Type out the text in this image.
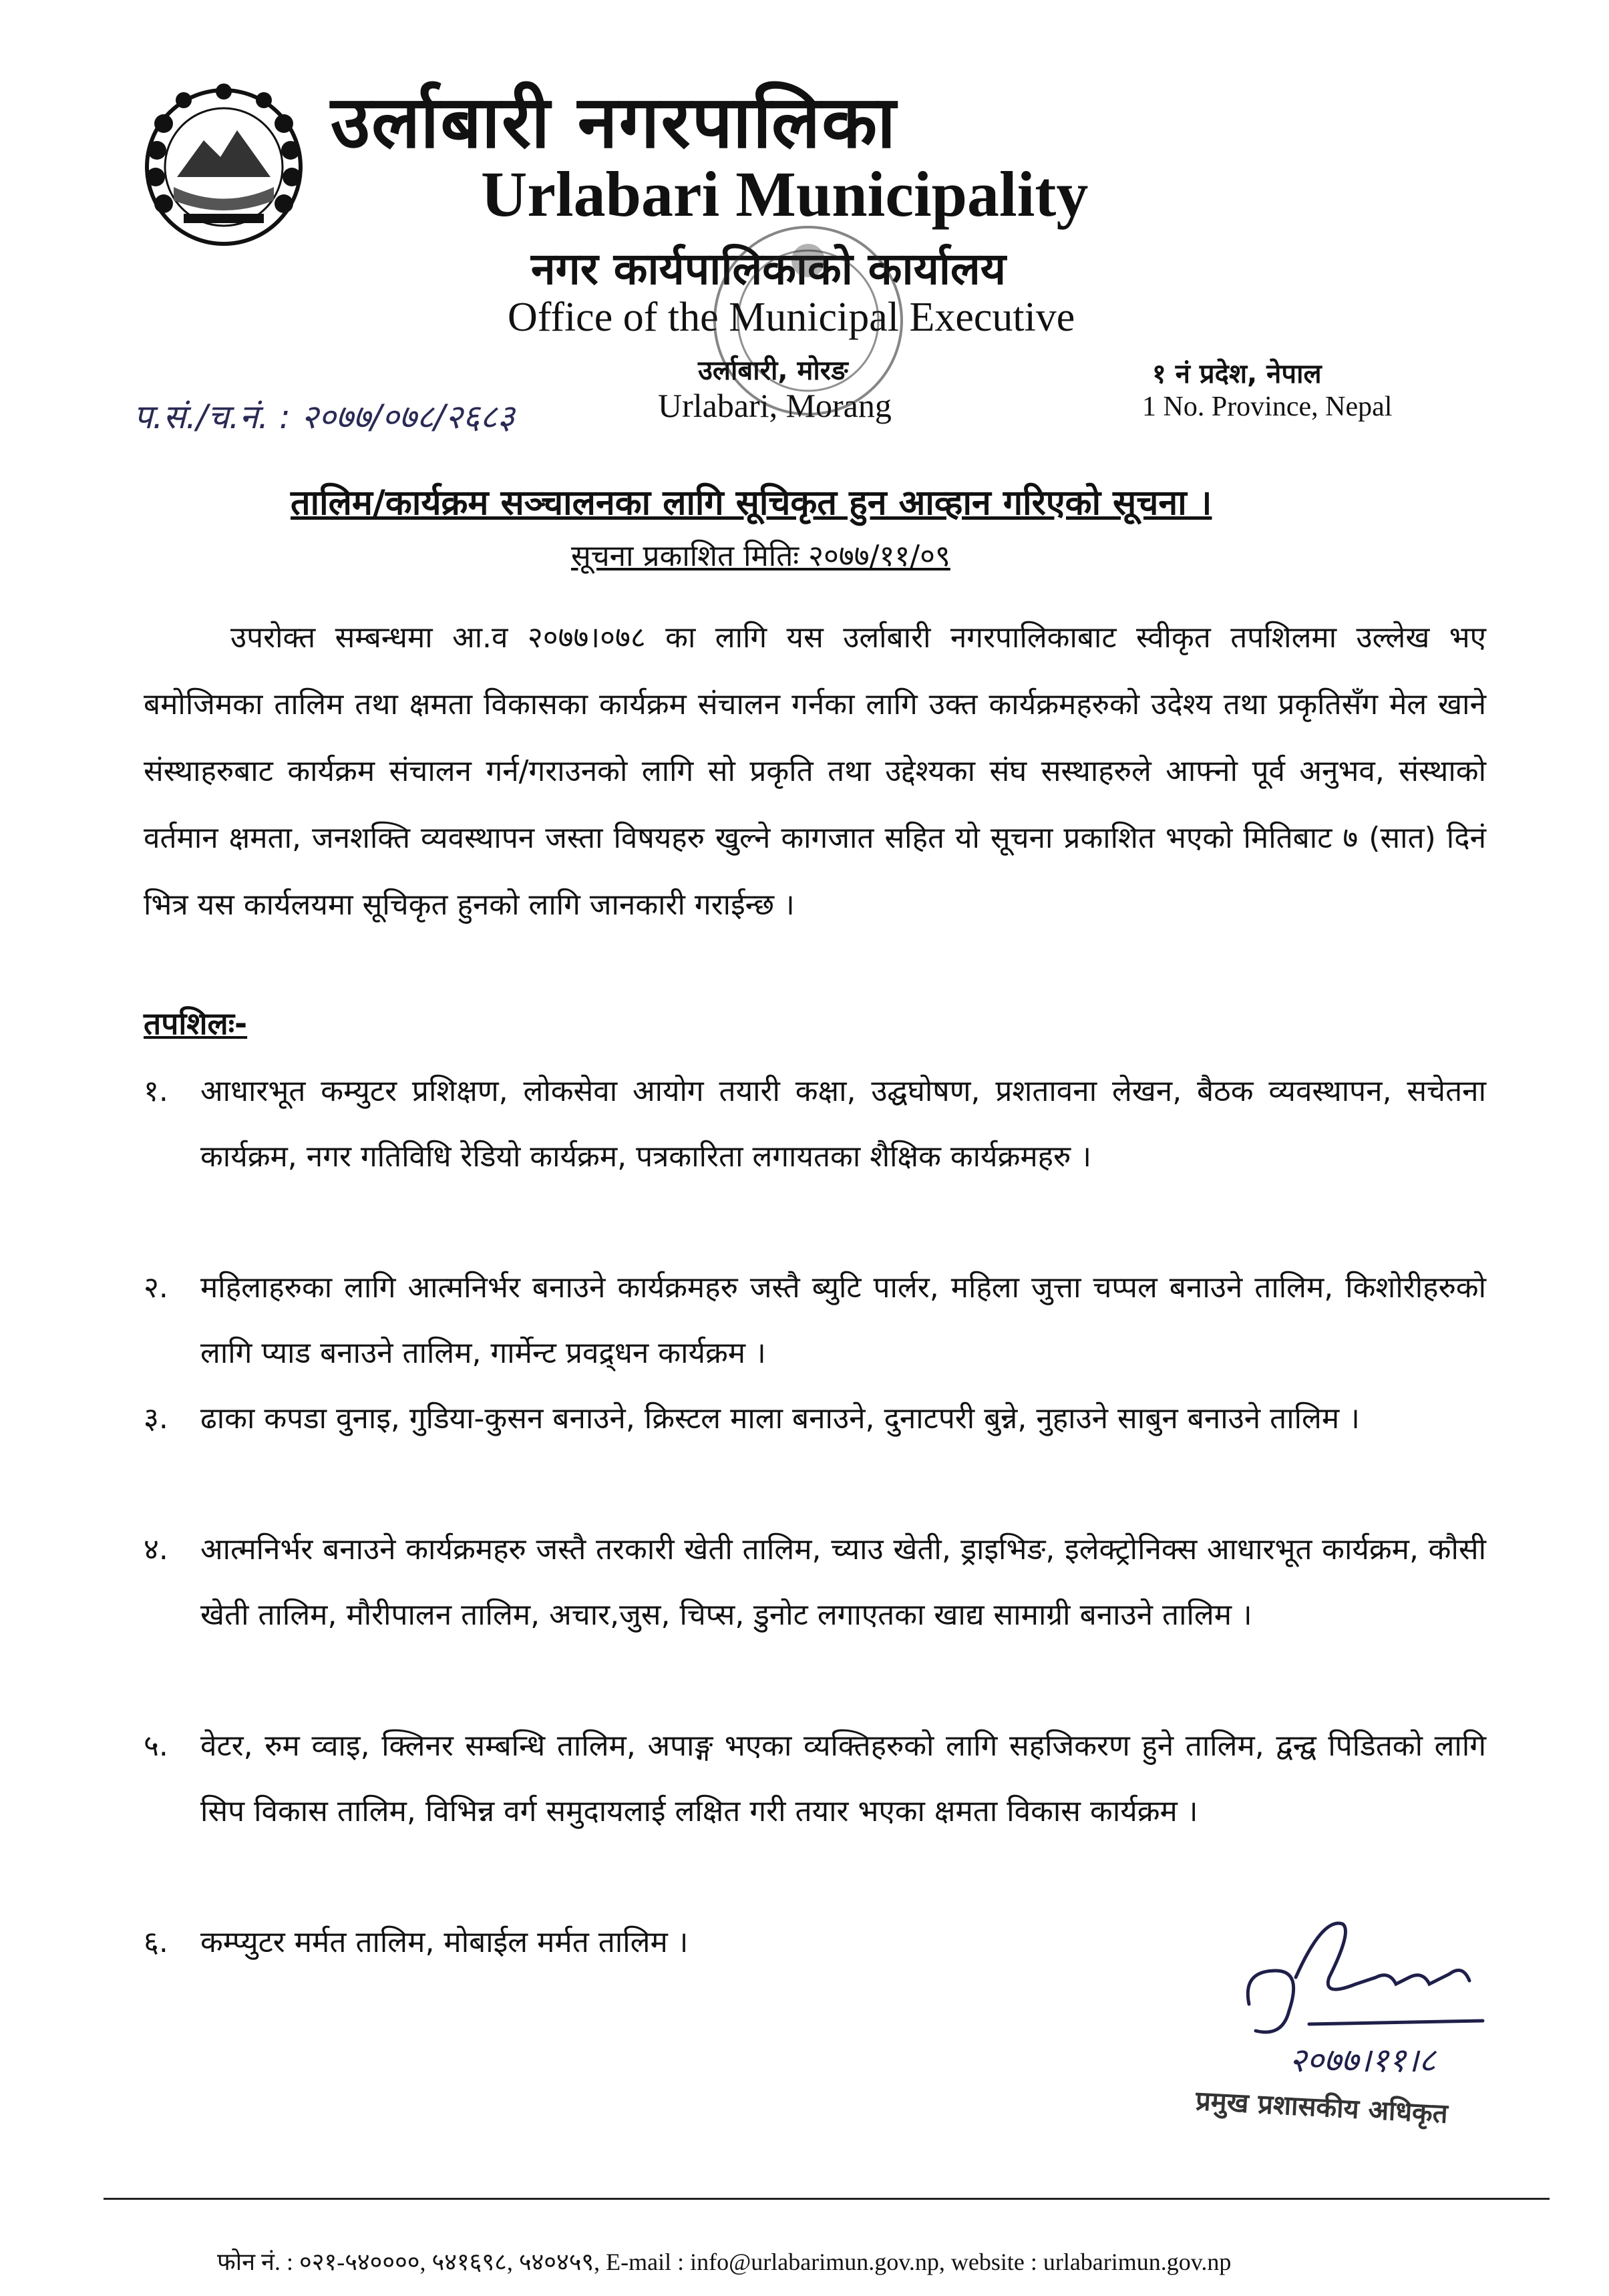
उर्लाबारी नगरपालिका
Urlabari Municipality
नगर कार्यपालिकाको कार्यालय
Office of the Municipal Executive
उर्लाबारी, मोरङ
Urlabari, Morang
१ नं प्रदेश, नेपाल
1 No. Province, Nepal
प.सं./च.नं. : २०७७/०७८/२६८३
तालिम/कार्यक्रम सञ्चालनका लागि सूचिकृत हुन आव्हान गरिएको सूचना ।
सूचना प्रकाशित मितिः २०७७/११/०९

उपरोक्त सम्बन्धमा आ.व २०७७।०७८ का लागि यस उर्लाबारी नगरपालिकाबाट स्वीकृत तपशिलमा उल्लेख भए बमोजिमका तालिम तथा क्षमता विकासका कार्यक्रम संचालन गर्नका लागि उक्त कार्यक्रमहरुको उदेश्य तथा प्रकृतिसँग मेल खाने संस्थाहरुबाट कार्यक्रम संचालन गर्न/गराउनको लागि सो प्रकृति तथा उद्देश्यका संघ सस्थाहरुले आफ्नो पूर्व अनुभव, संस्थाको वर्तमान क्षमता, जनशक्ति व्यवस्थापन जस्ता विषयहरु खुल्ने कागजात सहित यो सूचना प्रकाशित भएको मितिबाट ७ (सात) दिनं भित्र यस कार्यलयमा सूचिकृत हुनको लागि जानकारी गराईन्छ ।

तपशिलः-
१. आधारभूत कम्युटर प्रशिक्षण, लोकसेवा आयोग तयारी कक्षा, उद्घघोषण, प्रशतावना लेखन, बैठक व्यवस्थापन, सचेतना कार्यक्रम, नगर गतिविधि रेडियो कार्यक्रम, पत्रकारिता लगायतका शैक्षिक कार्यक्रमहरु ।
२. महिलाहरुका लागि आत्मनिर्भर बनाउने कार्यक्रमहरु जस्तै ब्युटि पार्लर, महिला जुत्ता चप्पल बनाउने तालिम, किशोरीहरुको लागि प्याड बनाउने तालिम, गार्मेन्ट प्रवद्र्धन कार्यक्रम ।
३. ढाका कपडा वुनाइ, गुडिया-कुसन बनाउने, क्रिस्टल माला बनाउने, दुनाटपरी बुन्ने, नुहाउने साबुन बनाउने तालिम ।
४. आत्मनिर्भर बनाउने कार्यक्रमहरु जस्तै तरकारी खेती तालिम, च्याउ खेती, ड्राइभिङ, इलेक्ट्रोनिक्स आधारभूत कार्यक्रम, कौसी खेती तालिम, मौरीपालन तालिम, अचार,जुस, चिप्स, डुनोट लगाएतका खाद्य सामाग्री बनाउने तालिम ।
५. वेटर, रुम व्वाइ, क्लिनर सम्बन्धि तालिम, अपाङ्ग भएका व्यक्तिहरुको लागि सहजिकरण हुने तालिम, द्वन्द्व पिडितको लागि सिप विकास तालिम, विभिन्न वर्ग समुदायलाई लक्षित गरी तयार भएका क्षमता विकास कार्यक्रम ।
६. कम्प्युटर मर्मत तालिम, मोबाईल मर्मत तालिम ।
२०७७।११।८
प्रमुख प्रशासकीय अधिकृत
फोन नं. : ०२१-५४००००, ५४१६९८, ५४०४५९, E-mail : info@urlabarimun.gov.np, website : urlabarimun.gov.np
